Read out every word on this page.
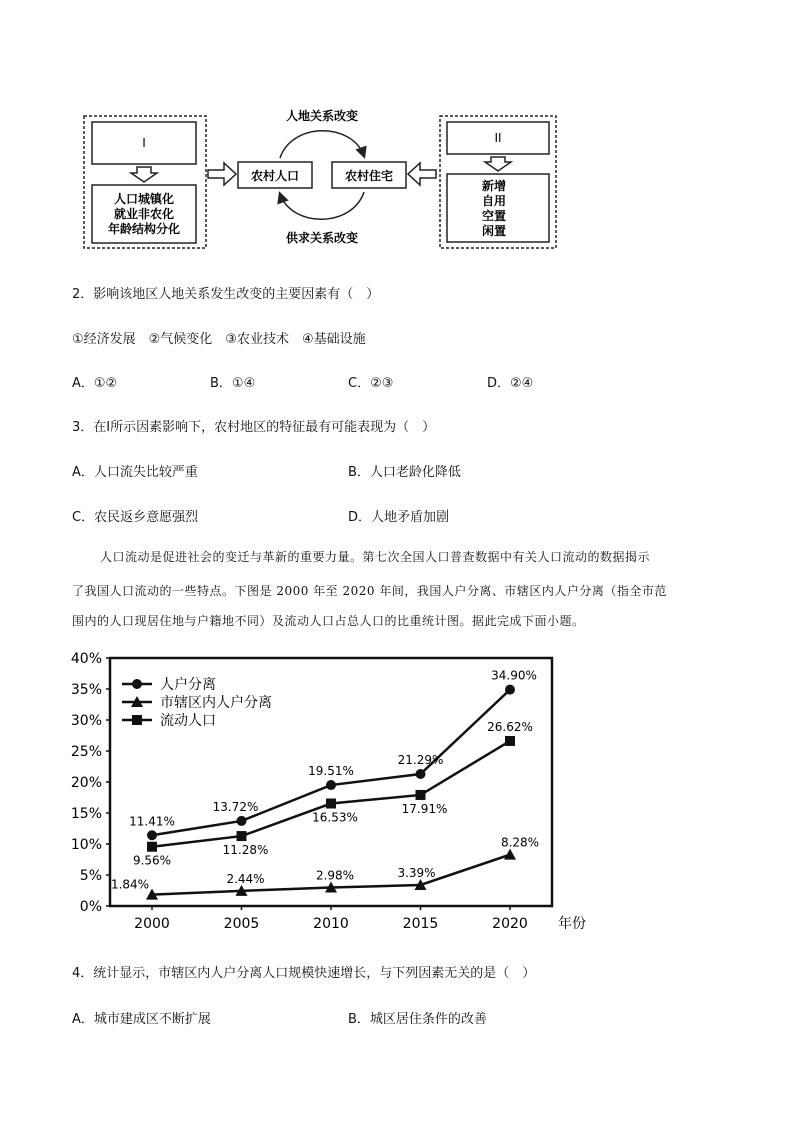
I
人口城镇化
就业非农化
年龄结构分化
农村人口	农村住宅
人地关系改变
供求关系改变
II
新增
自用
空置
闲置
2．影响该地区人地关系发生改变的主要因素有（　）
①经济发展　②气候变化　③农业技术　④基础设施
A．①②	B．①④	C．②③	D．②④
3．在Ⅰ所示因素影响下，农村地区的特征最有可能表现为（　）
A．人口流失比较严重	B．人口老龄化降低
C．农民返乡意愿强烈	D．人地矛盾加剧
人口流动是促进社会的变迁与革新的重要力量。第七次全国人口普查数据中有关人口流动的数据揭示
了我国人口流动的一些特点。下图是 2000 年至 2020 年间，我国人户分离、市辖区内人户分离（指全市范
围内的人口现居住地与户籍地不同）及流动人口占总人口的比重统计图。据此完成下面小题。
0%
5%
10%
15%
20%
25%
30%
35%
40%
2000	2005	2010	2015	2020 年份
11.41%
13.72%
19.51%
21.29%
34.90%
1.84%	2.44%	2.98%	3.39%
8.28%
9.56%
11.28%
16.53%
17.91%
26.62%
人户分离
市辖区内人户分离
流动人口
4．统计显示，市辖区内人户分离人口规模快速增长，与下列因素无关的是（　）
A．城市建成区不断扩展	B．城区居住条件的改善
